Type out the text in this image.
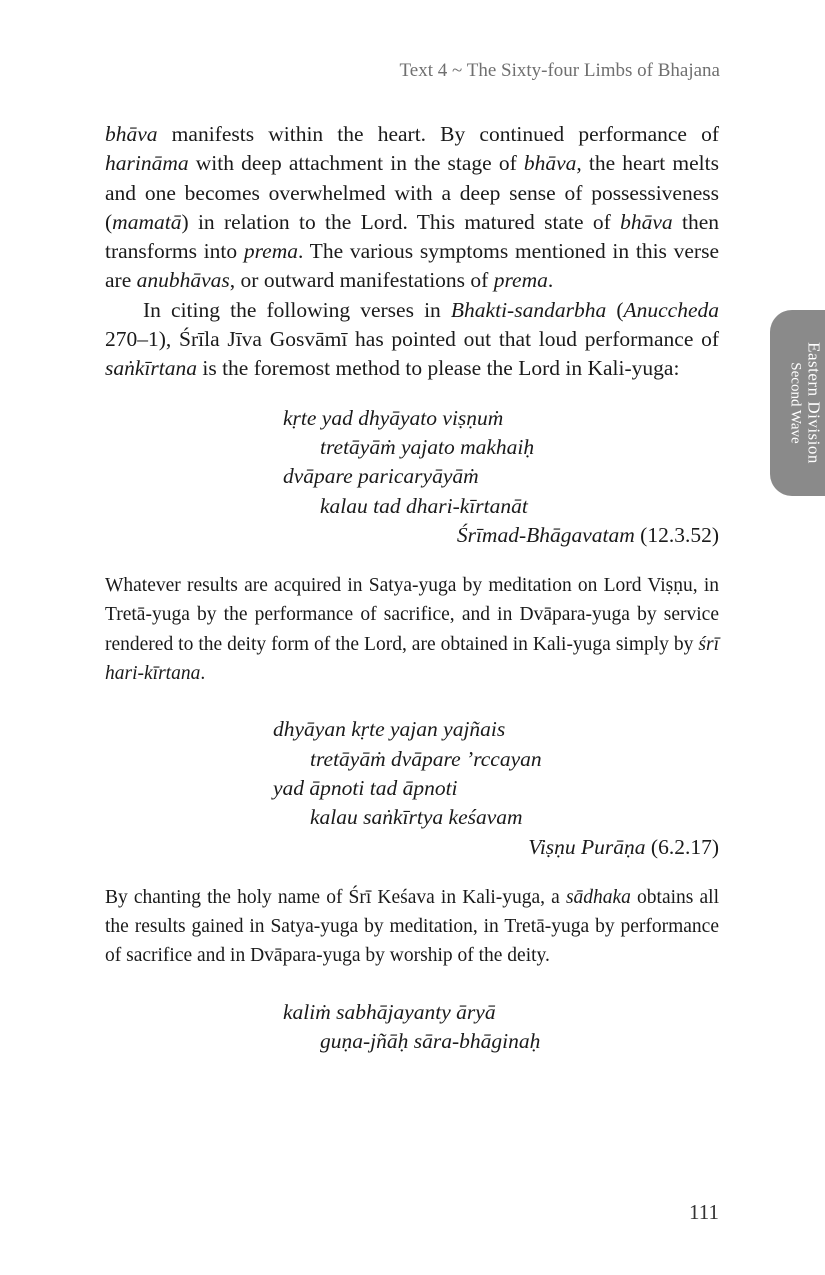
Text 4 ~ The Sixty-four Limbs of Bhajana
Eastern Division
Second Wave

bhāva manifests within the heart. By continued performance of harināma with deep attachment in the stage of bhāva, the heart melts and one becomes overwhelmed with a deep sense of possessiveness (mamatā) in relation to the Lord. This matured state of bhāva then transforms into prema. The various symptoms mentioned in this verse are anubhāvas, or outward manifestations of prema.

In citing the following verses in Bhakti-sandarbha (Anuccheda 270–1), Śrīla Jīva Gosvāmī has pointed out that loud performance of saṅkīrtana is the foremost method to please the Lord in Kali-yuga:

kṛte yad dhyāyato viṣṇuṁ
tretāyāṁ yajato makhaiḥ
dvāpare paricaryāyāṁ
kalau tad dhari-kīrtanāt
Śrīmad-Bhāgavatam (12.3.52)

Whatever results are acquired in Satya-yuga by meditation on Lord Viṣṇu, in Tretā-yuga by the performance of sacrifice, and in Dvāpara-yuga by service rendered to the deity form of the Lord, are obtained in Kali-yuga simply by śrī hari-kīrtana.

dhyāyan kṛte yajan yajñais
tretāyāṁ dvāpare ’rccayan
yad āpnoti tad āpnoti
kalau saṅkīrtya keśavam
Viṣṇu Purāṇa (6.2.17)

By chanting the holy name of Śrī Keśava in Kali-yuga, a sādhaka obtains all the results gained in Satya-yuga by meditation, in Tretā-yuga by performance of sacrifice and in Dvāpara-yuga by worship of the deity.

kaliṁ sabhājayanty āryā
guṇa-jñāḥ sāra-bhāginaḥ
111
